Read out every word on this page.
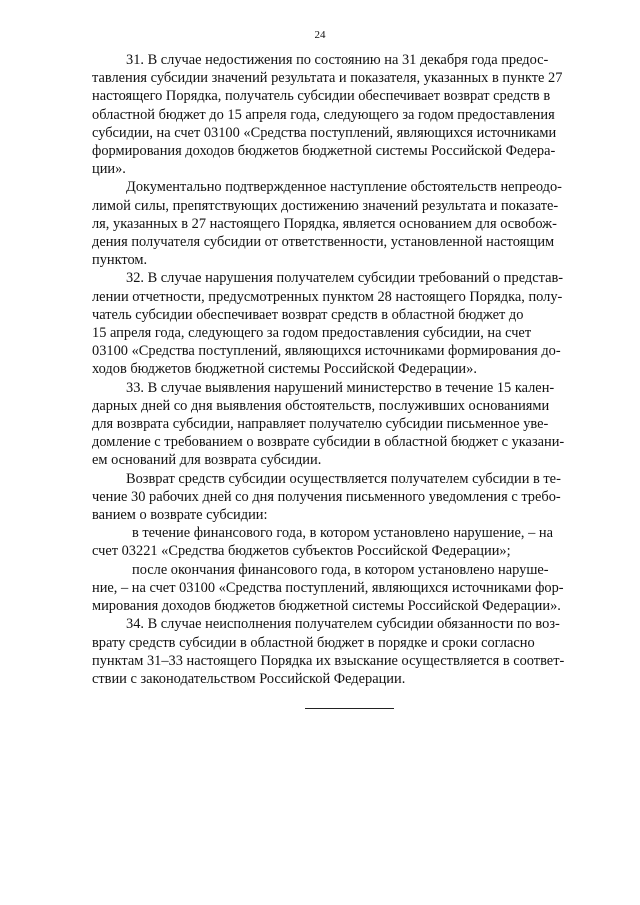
24

31. В случае недостижения по состоянию на 31 декабря года предос-
тавления субсидии значений результата и показателя, указанных в пункте 27
настоящего Порядка, получатель субсидии обеспечивает возврат средств в
областной бюджет до 15 апреля года, следующего за годом предоставления
субсидии, на счет 03100 «Средства поступлений, являющихся источниками
формирования доходов бюджетов бюджетной системы Российской Федера-
ции».

Документально подтвержденное наступление обстоятельств непреодо-
лимой силы, препятствующих достижению значений результата и показате-
ля, указанных в 27 настоящего Порядка, является основанием для освобож-
дения получателя субсидии от ответственности, установленной настоящим
пунктом.

32. В случае нарушения получателем субсидии требований о представ-
лении отчетности, предусмотренных пунктом 28 настоящего Порядка, полу-
чатель субсидии обеспечивает возврат средств в областной бюджет до
15 апреля года, следующего за годом предоставления субсидии, на счет
03100 «Средства поступлений, являющихся источниками формирования до-
ходов бюджетов бюджетной системы Российской Федерации».

33. В случае выявления нарушений министерство в течение 15 кален-
дарных дней со дня выявления обстоятельств, послуживших основаниями
для возврата субсидии, направляет получателю субсидии письменное уве-
домление с требованием о возврате субсидии в областной бюджет с указани-
ем оснований для возврата субсидии.

Возврат средств субсидии осуществляется получателем субсидии в те-
чение 30 рабочих дней со дня получения письменного уведомления с требо-
ванием о возврате субсидии:

в течение финансового года, в котором установлено нарушение, – на
счет 03221 «Средства бюджетов субъектов Российской Федерации»;

после окончания финансового года, в котором установлено наруше-
ние, – на счет 03100 «Средства поступлений, являющихся источниками фор-
мирования доходов бюджетов бюджетной системы Российской Федерации».

34. В случае неисполнения получателем субсидии обязанности по воз-
врату средств субсидии в областной бюджет в порядке и сроки согласно
пунктам 31–33 настоящего Порядка их взыскание осуществляется в соответ-
ствии с законодательством Российской Федерации.
